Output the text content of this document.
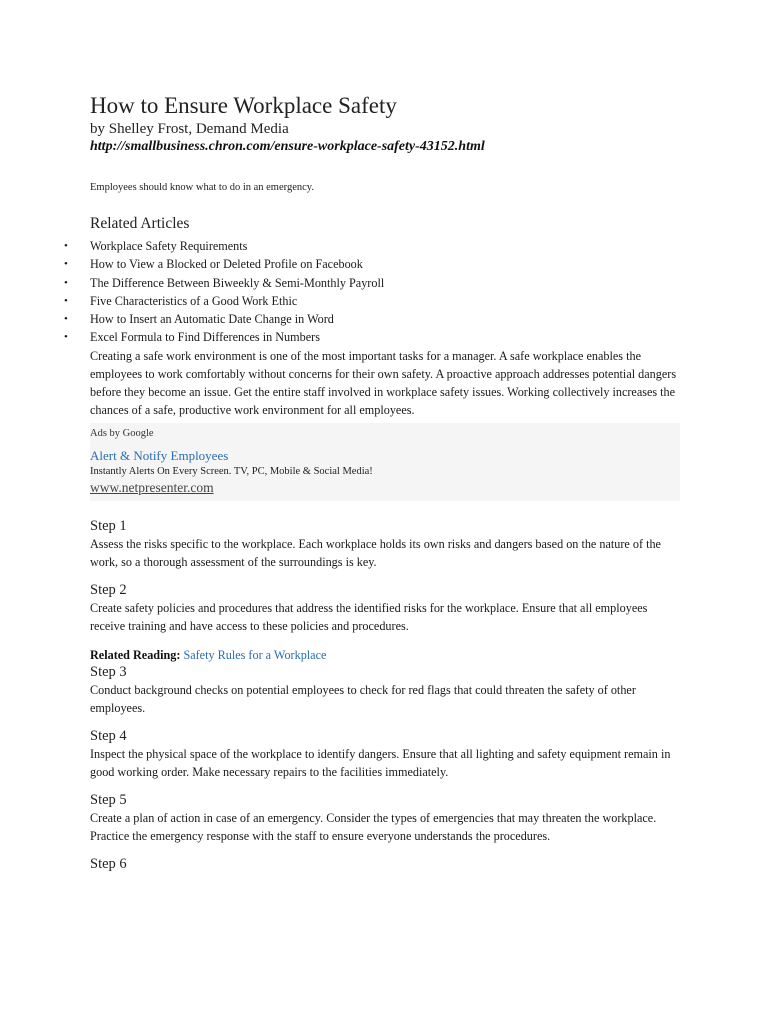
How to Ensure Workplace Safety
by Shelley Frost, Demand Media
http://smallbusiness.chron.com/ensure-workplace-safety-43152.html
Employees should know what to do in an emergency.
Related Articles
• Workplace Safety Requirements
• How to View a Blocked or Deleted Profile on Facebook
• The Difference Between Biweekly & Semi-Monthly Payroll
• Five Characteristics of a Good Work Ethic
• How to Insert an Automatic Date Change in Word
• Excel Formula to Find Differences in Numbers

Creating a safe work environment is one of the most important tasks for a manager. A safe workplace enables the employees to work comfortably without concerns for their own safety. A proactive approach addresses potential dangers before they become an issue. Get the entire staff involved in workplace safety issues. Working collectively increases the chances of a safe, productive work environment for all employees.

Ads by Google
Alert & Notify Employees
Instantly Alerts On Every Screen. TV, PC, Mobile & Social Media!
www.netpresenter.com
Step 1

Assess the risks specific to the workplace. Each workplace holds its own risks and dangers based on the nature of the work, so a thorough assessment of the surroundings is key.

Step 2

Create safety policies and procedures that address the identified risks for the workplace. Ensure that all employees receive training and have access to these policies and procedures.

Related Reading: Safety Rules for a Workplace
Step 3

Conduct background checks on potential employees to check for red flags that could threaten the safety of other employees.

Step 4

Inspect the physical space of the workplace to identify dangers. Ensure that all lighting and safety equipment remain in good working order. Make necessary repairs to the facilities immediately.

Step 5

Create a plan of action in case of an emergency. Consider the types of emergencies that may threaten the workplace. Practice the emergency response with the staff to ensure everyone understands the procedures.

Step 6
